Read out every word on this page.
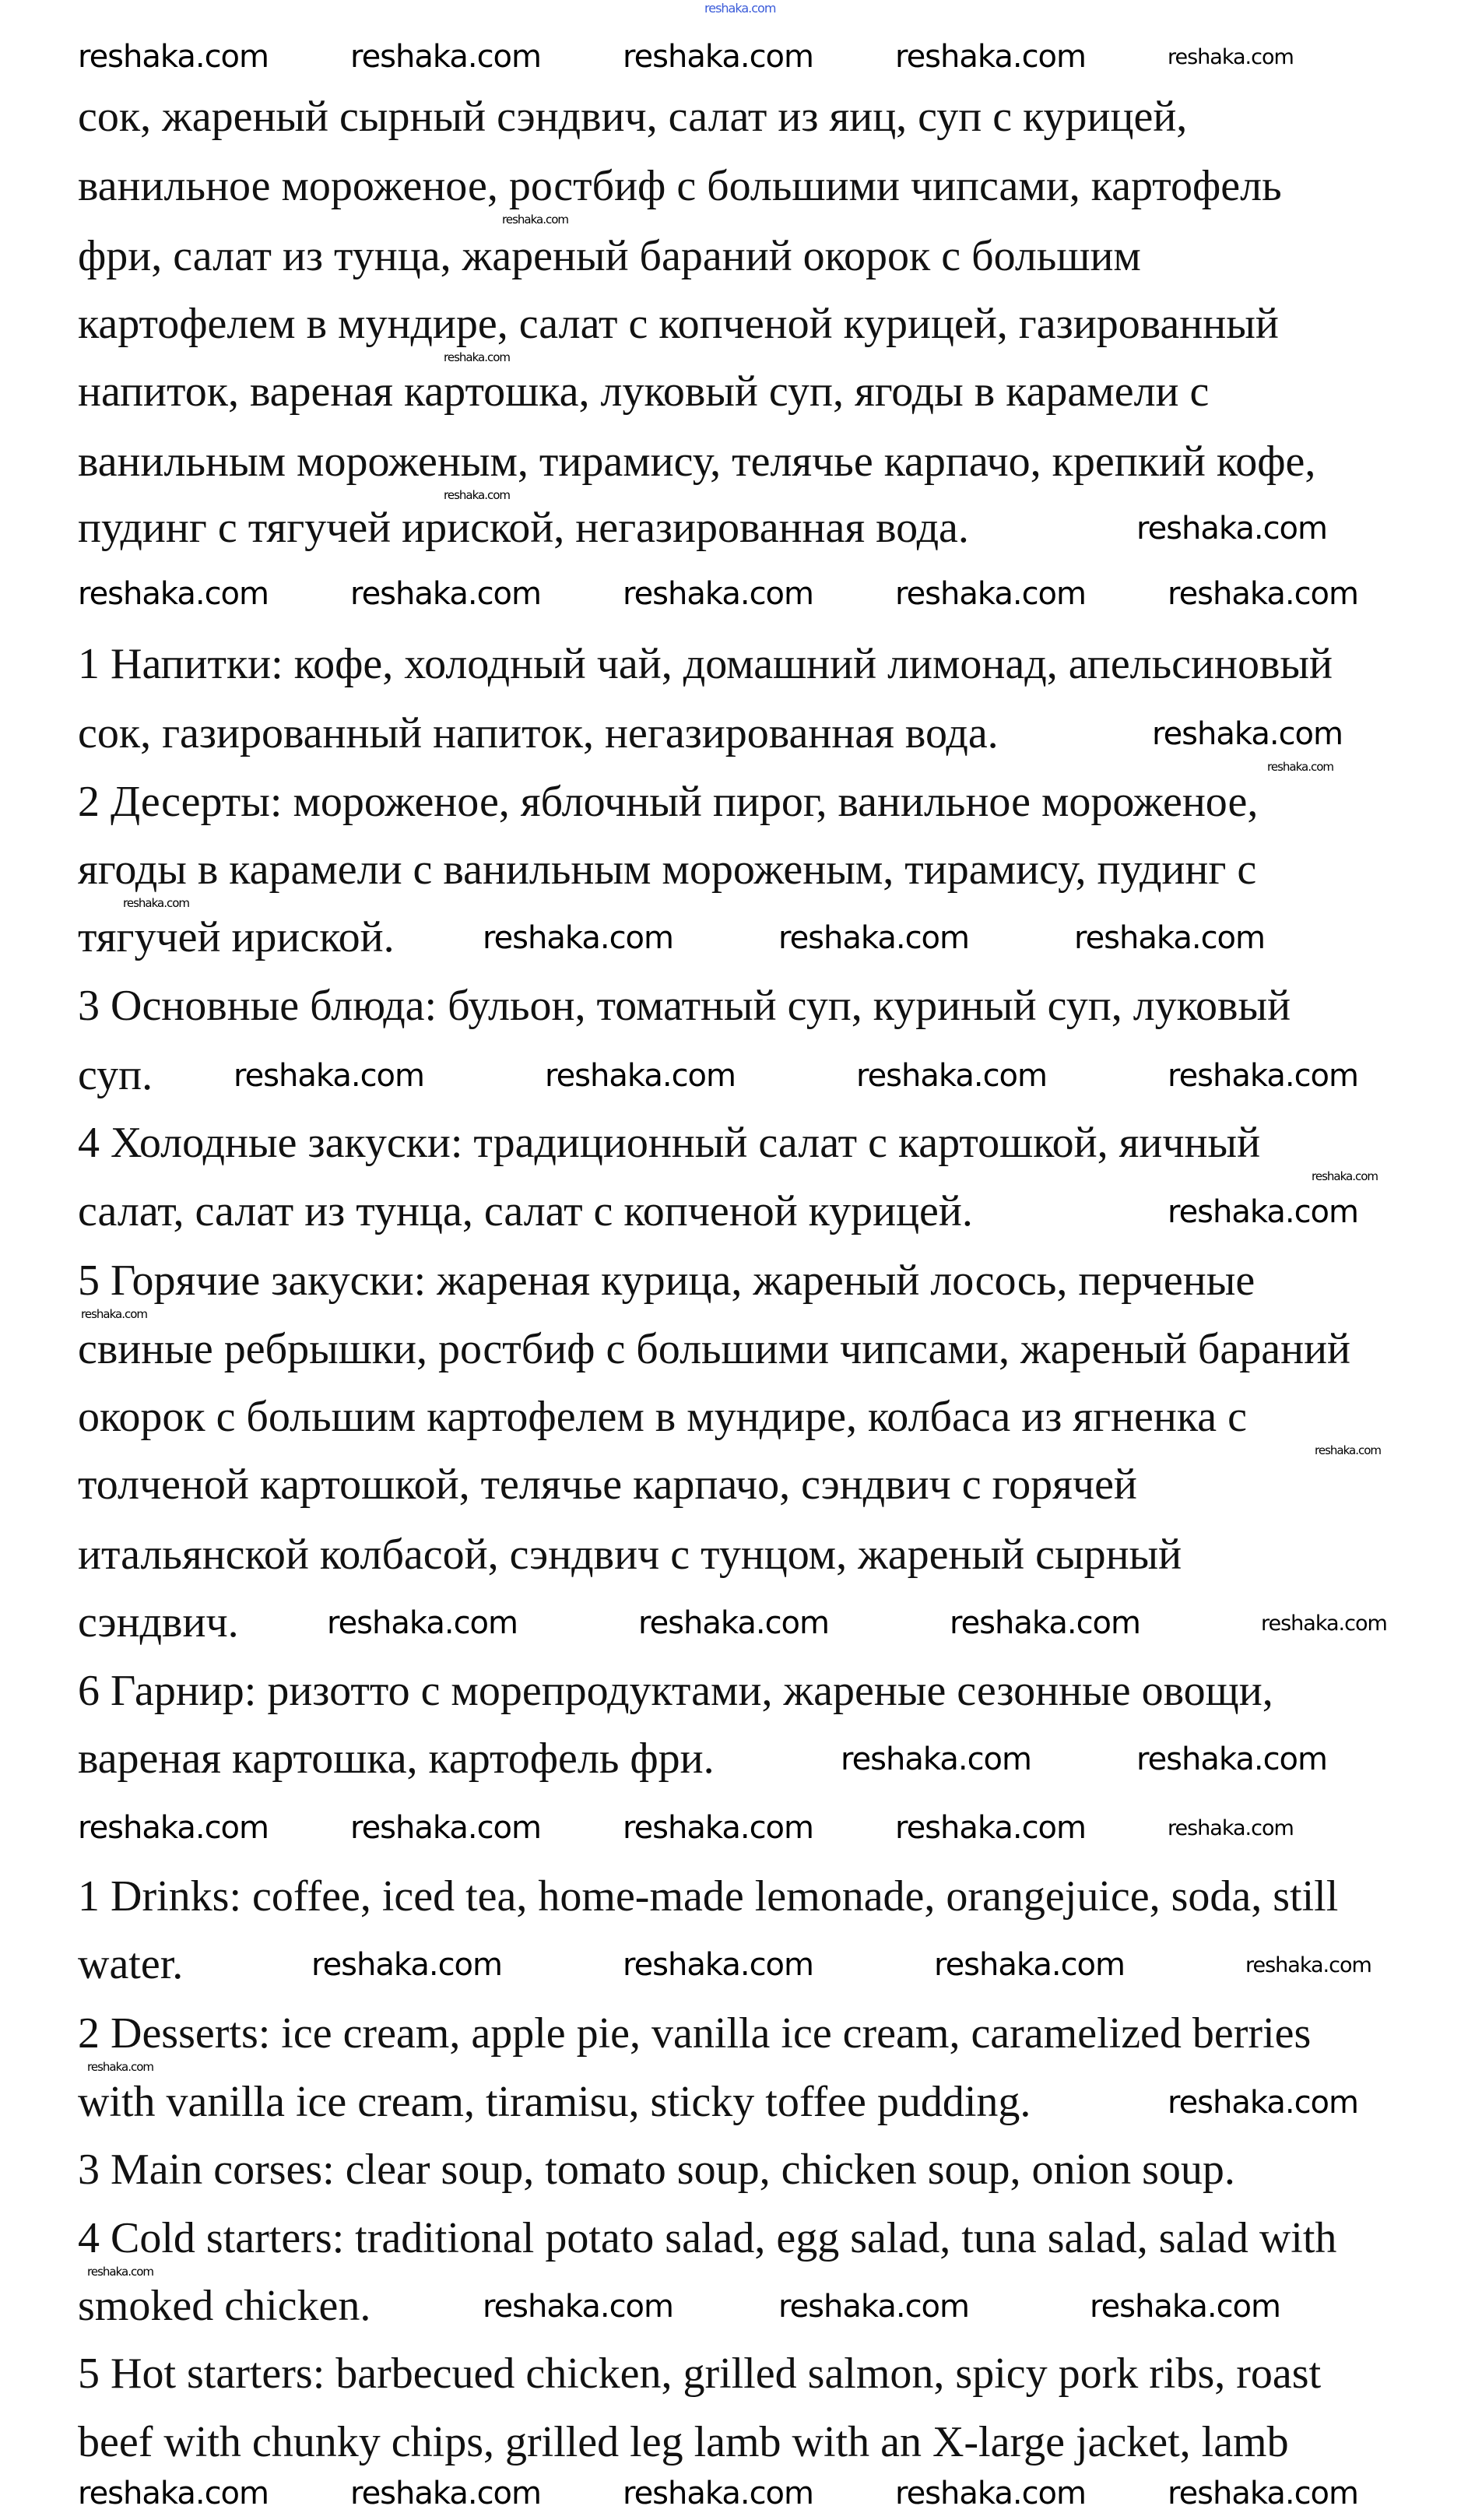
reshaka.com
сок, жареный сырный сэндвич, салат из яиц, суп с курицей,
ванильное мороженое, ростбиф с большими чипсами, картофель
фри, салат из тунца, жареный бараний окорок с большим
картофелем в мундире, салат с копченой курицей, газированный
напиток, вареная картошка, луковый суп, ягоды в карамели с
ванильным мороженым, тирамису, телячье карпачо, крепкий кофе,
пудинг с тягучей ириской, негазированная вода.
1 Напитки: кофе, холодный чай, домашний лимонад, апельсиновый
сок, газированный напиток, негазированная вода.
2 Десерты: мороженое, яблочный пирог, ванильное мороженое,
ягоды в карамели с ванильным мороженым, тирамису, пудинг с
тягучей ириской.
3 Основные блюда: бульон, томатный суп, куриный суп, луковый
суп.
4 Холодные закуски: традиционный салат с картошкой, яичный
салат, салат из тунца, салат с копченой курицей.
5 Горячие закуски: жареная курица, жареный лосось, перченые
свиные ребрышки, ростбиф с большими чипсами, жареный бараний
окорок с большим картофелем в мундире, колбаса из ягненка с
толченой картошкой, телячье карпачо, сэндвич с горячей
итальянской колбасой, сэндвич с тунцом, жареный сырный
сэндвич.
6 Гарнир: ризотто с морепродуктами, жареные сезонные овощи,
вареная картошка, картофель фри.
1 Drinks: coffee, iced tea, home-made lemonade, orangejuice, soda, still
water.
2 Desserts: ice cream, apple pie, vanilla ice cream, caramelized berries
with vanilla ice cream, tiramisu, sticky toffee pudding.
3 Main corses: clear soup, tomato soup, chicken soup, onion soup.
4 Cold starters: traditional potato salad, egg salad, tuna salad, salad with
smoked chicken.
5 Hot starters: barbecued chicken, grilled salmon, spicy pork ribs, roast
beef with chunky chips, grilled leg lamb with an X-large jacket, lamb
reshaka.com	reshaka.com	reshaka.com	reshaka.com	reshaka.com
reshaka.com
reshaka.com
reshaka.com
reshaka.com
reshaka.com
reshaka.com
reshaka.com
reshaka.com
reshaka.com
reshaka.com
reshaka.com
reshaka.com	reshaka.com	reshaka.com	reshaka.com	reshaka.com
reshaka.com
reshaka.com	reshaka.com	reshaka.com
reshaka.com	reshaka.com	reshaka.com	reshaka.com
reshaka.com
reshaka.com	reshaka.com	reshaka.com	reshaka.com
reshaka.com	reshaka.com
reshaka.com	reshaka.com	reshaka.com	reshaka.com	reshaka.com
reshaka.com	reshaka.com	reshaka.com	reshaka.com
reshaka.com
reshaka.com	reshaka.com	reshaka.com
reshaka.com	reshaka.com	reshaka.com	reshaka.com	reshaka.com
